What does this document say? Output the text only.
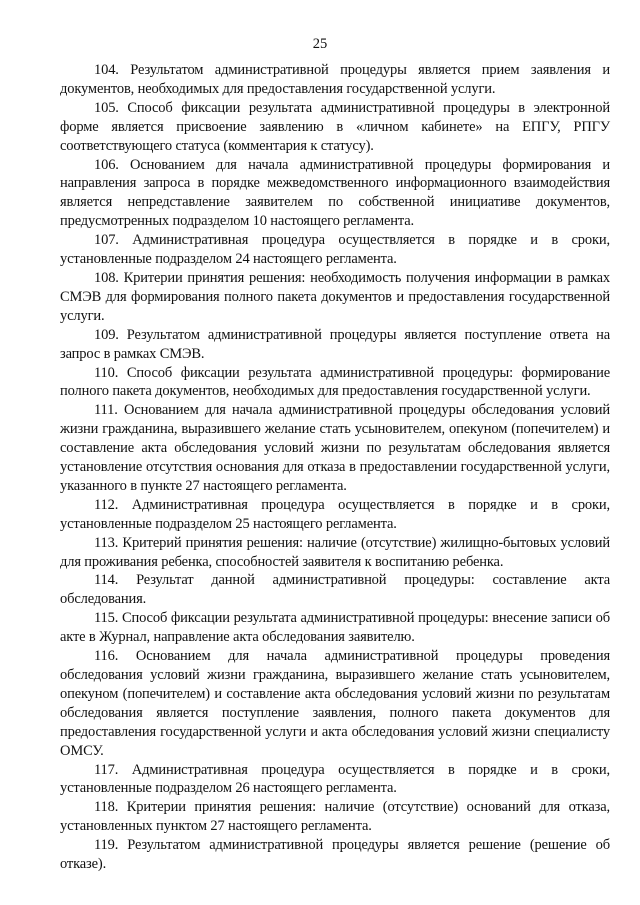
25

104. Результатом административной процедуры является прием заявления и документов, необходимых для предоставления государственной услуги.

105. Способ фиксации результата административной процедуры в электронной форме является присвоение заявлению в «личном кабинете» на ЕПГУ, РПГУ соответствующего статуса (комментария к статусу).

106. Основанием для начала административной процедуры формирования и направления запроса в порядке межведомственного информационного взаимодействия является непредставление заявителем по собственной инициативе документов, предусмотренных подразделом 10 настоящего регламента.

107. Административная процедура осуществляется в порядке и в сроки, установленные подразделом 24 настоящего регламента.

108. Критерии принятия решения: необходимость получения информации в рамках СМЭВ для формирования полного пакета документов и предоставления государственной услуги.

109. Результатом административной процедуры является поступление ответа на запрос в рамках СМЭВ.

110. Способ фиксации результата административной процедуры: формирование полного пакета документов, необходимых для предоставления государственной услуги.

111. Основанием для начала административной процедуры обследования условий жизни гражданина, выразившего желание стать усыновителем, опекуном (попечителем) и составление акта обследования условий жизни по результатам обследования является установление отсутствия основания для отказа в предоставлении государственной услуги, указанного в пункте 27 настоящего регламента.

112. Административная процедура осуществляется в порядке и в сроки, установленные подразделом 25 настоящего регламента.

113. Критерий принятия решения: наличие (отсутствие) жилищно-бытовых условий для проживания ребенка, способностей заявителя к воспитанию ребенка.

114. Результат данной административной процедуры: составление акта обследования.

115. Способ фиксации результата административной процедуры: внесение записи об акте в Журнал, направление акта обследования заявителю.

116. Основанием для начала административной процедуры проведения обследования условий жизни гражданина, выразившего желание стать усыновителем, опекуном (попечителем) и составление акта обследования условий жизни по результатам обследования является поступление заявления, полного пакета документов для предоставления государственной услуги и акта обследования условий жизни специалисту ОМСУ.

117. Административная процедура осуществляется в порядке и в сроки, установленные подразделом 26 настоящего регламента.

118. Критерии принятия решения: наличие (отсутствие) оснований для отказа, установленных пунктом 27 настоящего регламента.

119. Результатом административной процедуры является решение (решение об отказе).
